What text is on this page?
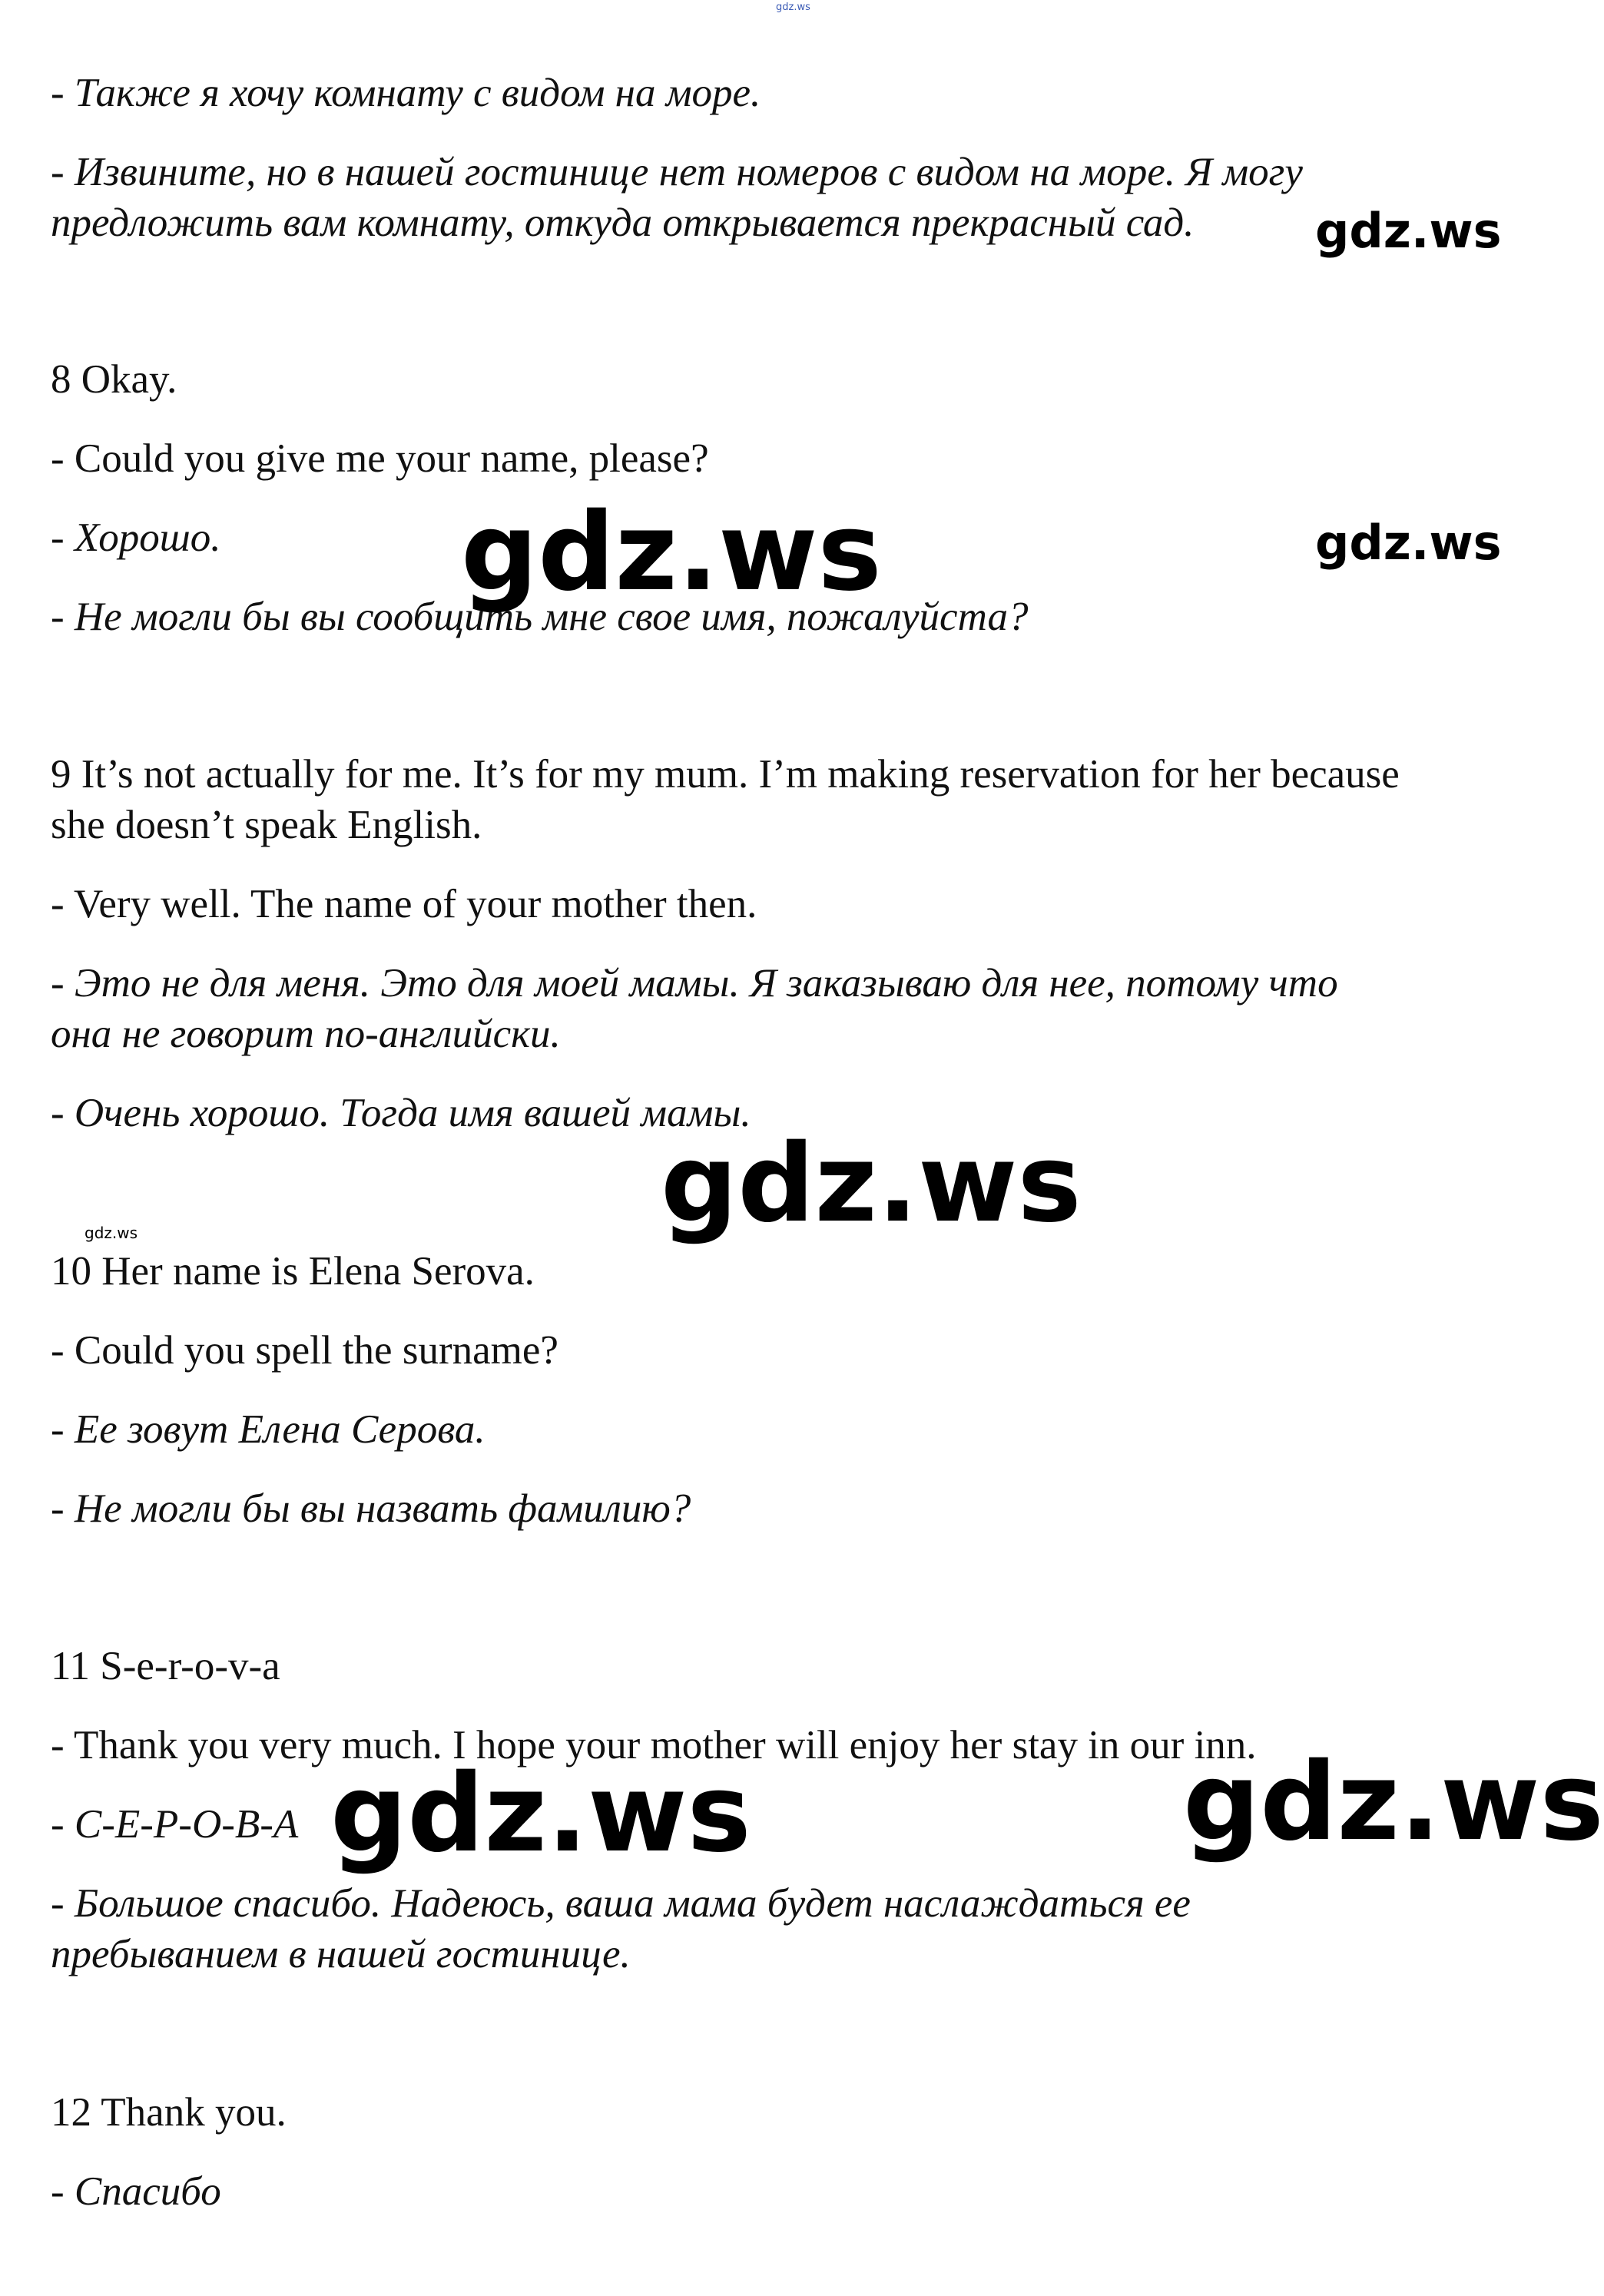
gdz.ws
- Также я хочу комнату с видом на море.
- Извините, но в нашей гостинице нет номеров с видом на море. Я могу
предложить вам комнату, откуда открывается прекрасный сад.
8 Okay.
- Could you give me your name, please?
- Хорошо.
- Не могли бы вы сообщить мне свое имя, пожалуйста?
9 It’s not actually for me. It’s for my mum. I’m making reservation for her because
she doesn’t speak English.
- Very well. The name of your mother then.
- Это не для меня. Это для моей мамы. Я заказываю для нее, потому что
она не говорит по-английски.
- Очень хорошо. Тогда имя вашей мамы.
10 Her name is Elena Serova.
- Could you spell the surname?
- Ее зовут Елена Серова.
- Не могли бы вы назвать фамилию?
11 S-e-r-o-v-a
- Thank you very much. I hope your mother will enjoy her stay in our inn.
- С-Е-Р-О-В-А
- Большое спасибо. Надеюсь, ваша мама будет наслаждаться ее
пребыванием в нашей гостинице.
12 Thank you.
- Спасибо
gdz.ws
gdz.ws	gdz.ws
gdz.ws
gdz.ws
gdz.ws	gdz.ws
